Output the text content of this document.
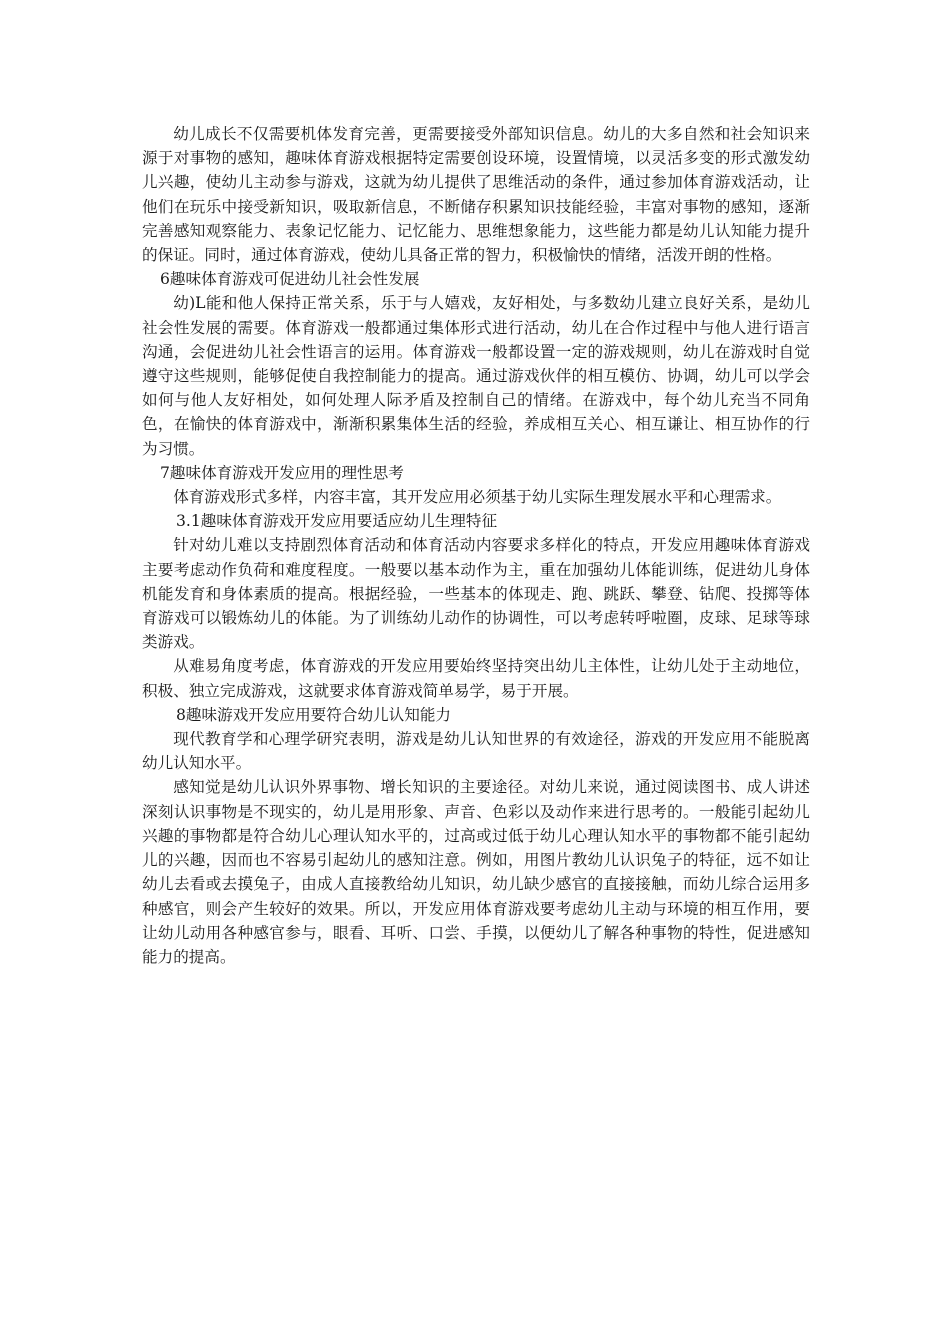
幼儿成长不仅需要机体发育完善，更需要接受外部知识信息。幼儿的大多自然和社会知识来源于对事物的感知，趣味体育游戏根据特定需要创设环境，设置情境，以灵活多变的形式激发幼儿兴趣，使幼儿主动参与游戏，这就为幼儿提供了思维活动的条件，通过参加体育游戏活动，让他们在玩乐中接受新知识，吸取新信息，不断储存积累知识技能经验，丰富对事物的感知，逐渐完善感知观察能力、表象记忆能力、记忆能力、思维想象能力，这些能力都是幼儿认知能力提升的保证。同时，通过体育游戏，使幼儿具备正常的智力，积极愉快的情绪，活泼开朗的性格。

6趣味体育游戏可促进幼儿社会性发展

幼)L能和他人保持正常关系，乐于与人嬉戏，友好相处，与多数幼儿建立良好关系，是幼儿社会性发展的需要。体育游戏一般都通过集体形式进行活动，幼儿在合作过程中与他人进行语言沟通，会促进幼儿社会性语言的运用。体育游戏一般都设置一定的游戏规则，幼儿在游戏时自觉遵守这些规则，能够促使自我控制能力的提高。通过游戏伙伴的相互模仿、协调，幼儿可以学会如何与他人友好相处，如何处理人际矛盾及控制自己的情绪。在游戏中，每个幼儿充当不同角色，在愉快的体育游戏中，渐渐积累集体生活的经验，养成相互关心、相互谦让、相互协作的行为习惯。

7趣味体育游戏开发应用的理性思考

体育游戏形式多样，内容丰富，其开发应用必须基于幼儿实际生理发展水平和心理需求。

3.1趣味体育游戏开发应用要适应幼儿生理特征

针对幼儿难以支持剧烈体育活动和体育活动内容要求多样化的特点，开发应用趣味体育游戏主要考虑动作负荷和难度程度。一般要以基本动作为主，重在加强幼儿体能训练，促进幼儿身体机能发育和身体素质的提高。根据经验，一些基本的体现走、跑、跳跃、攀登、钻爬、投掷等体育游戏可以锻炼幼儿的体能。为了训练幼儿动作的协调性，可以考虑转呼啦圈，皮球、足球等球类游戏。

从难易角度考虑，体育游戏的开发应用要始终坚持突出幼儿主体性，让幼儿处于主动地位，积极、独立完成游戏，这就要求体育游戏简单易学，易于开展。

8趣味游戏开发应用要符合幼儿认知能力

现代教育学和心理学研究表明，游戏是幼儿认知世界的有效途径，游戏的开发应用不能脱离幼儿认知水平。

感知觉是幼儿认识外界事物、增长知识的主要途径。对幼儿来说，通过阅读图书、成人讲述深刻认识事物是不现实的，幼儿是用形象、声音、色彩以及动作来进行思考的。一般能引起幼儿兴趣的事物都是符合幼儿心理认知水平的，过高或过低于幼儿心理认知水平的事物都不能引起幼儿的兴趣，因而也不容易引起幼儿的感知注意。例如，用图片教幼儿认识兔子的特征，远不如让幼儿去看或去摸兔子，由成人直接教给幼儿知识，幼儿缺少感官的直接接触，而幼儿综合运用多种感官，则会产生较好的效果。所以，开发应用体育游戏要考虑幼儿主动与环境的相互作用，要让幼儿动用各种感官参与，眼看、耳听、口尝、手摸，以便幼儿了解各种事物的特性，促进感知能力的提高。
